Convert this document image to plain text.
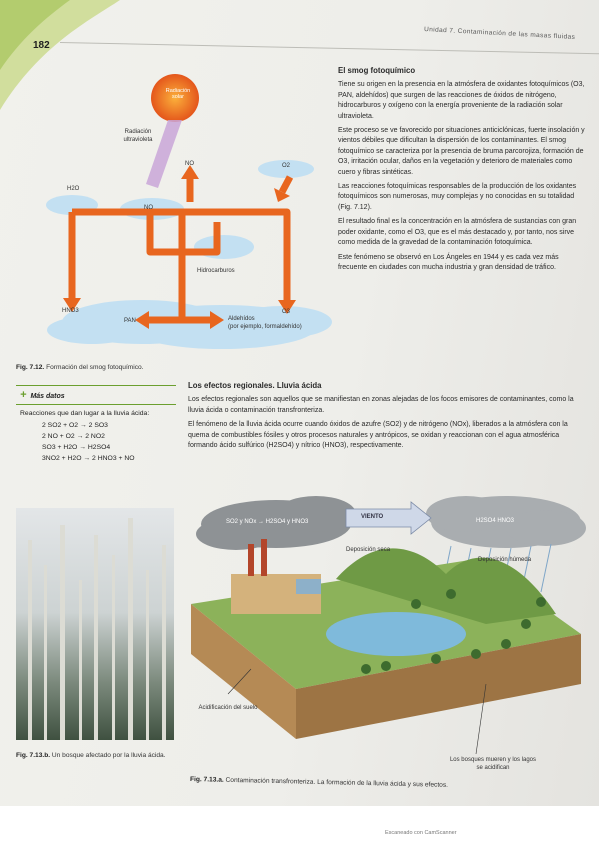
182
Unidad 7. Contaminación de las masas fluidas
Radiación solar
Radiación ultravioleta
NO	O2
H2O
NO
Hidrocarburos
HNO3
PAN
O3
Aldehídos
(por ejemplo, formaldehído)
Fig. 7.12. Formación del smog fotoquímico.
El smog fotoquímico

Tiene su origen en la presencia en la atmósfera de oxidantes fotoquímicos (O3, PAN, aldehídos) que surgen de las reacciones de óxidos de nitrógeno, hidrocarburos y oxígeno con la energía proveniente de la radiación solar ultravioleta.

Este proceso se ve favorecido por situaciones anticiclónicas, fuerte insolación y vientos débiles que dificultan la dispersión de los contaminantes. El smog fotoquímico se caracteriza por la presencia de bruma parcorojiza, formación de O3, irritación ocular, daños en la vegetación y deterioro de materiales como cuero y fibras sintéticas.

Las reacciones fotoquímicas responsables de la producción de los oxidantes fotoquímicos son numerosas, muy complejas y no conocidas en su totalidad (Fig. 7.12).

El resultado final es la concentración en la atmósfera de sustancias con gran poder oxidante, como el O3, que es el más destacado y, por tanto, nos sirve como medida de la gravedad de la contaminación fotoquímica.

Este fenómeno se observó en Los Ángeles en 1944 y es cada vez más frecuente en ciudades con mucha industria y gran densidad de tráfico.

+ Más datos
Reacciones que dan lugar a la lluvia ácida:
2 SO2 + O2 → 2 SO3
2 NO + O2 → 2 NO2
SO3 + H2O → H2SO4
3NO2 + H2O → 2 HNO3 + NO
Los efectos regionales. Lluvia ácida

Los efectos regionales son aquellos que se manifiestan en zonas alejadas de los focos emisores de contaminantes, como la lluvia ácida o contaminación transfronteriza.

El fenómeno de la lluvia ácida ocurre cuando óxidos de azufre (SO2) y de nitrógeno (NOx), liberados a la atmósfera con la quema de combustibles fósiles y otros procesos naturales y antrópicos, se oxidan y reaccionan con el agua atmosférica formando ácido sulfúrico (H2SO4) y nítrico (HNO3), respectivamente.

Fig. 7.13.b. Un bosque afectado por la lluvia ácida.
SO2 y NOx → H2SO4 y HNO3
VIENTO
H2SO4 HNO3
Deposición seca
Deposición húmeda
Acidificación del suelo
Los bosques mueren y los lagos se acidifican
Fig. 7.13.a. Contaminación transfronteriza. La formación de la lluvia ácida y sus efectos.
Escaneado con CamScanner
